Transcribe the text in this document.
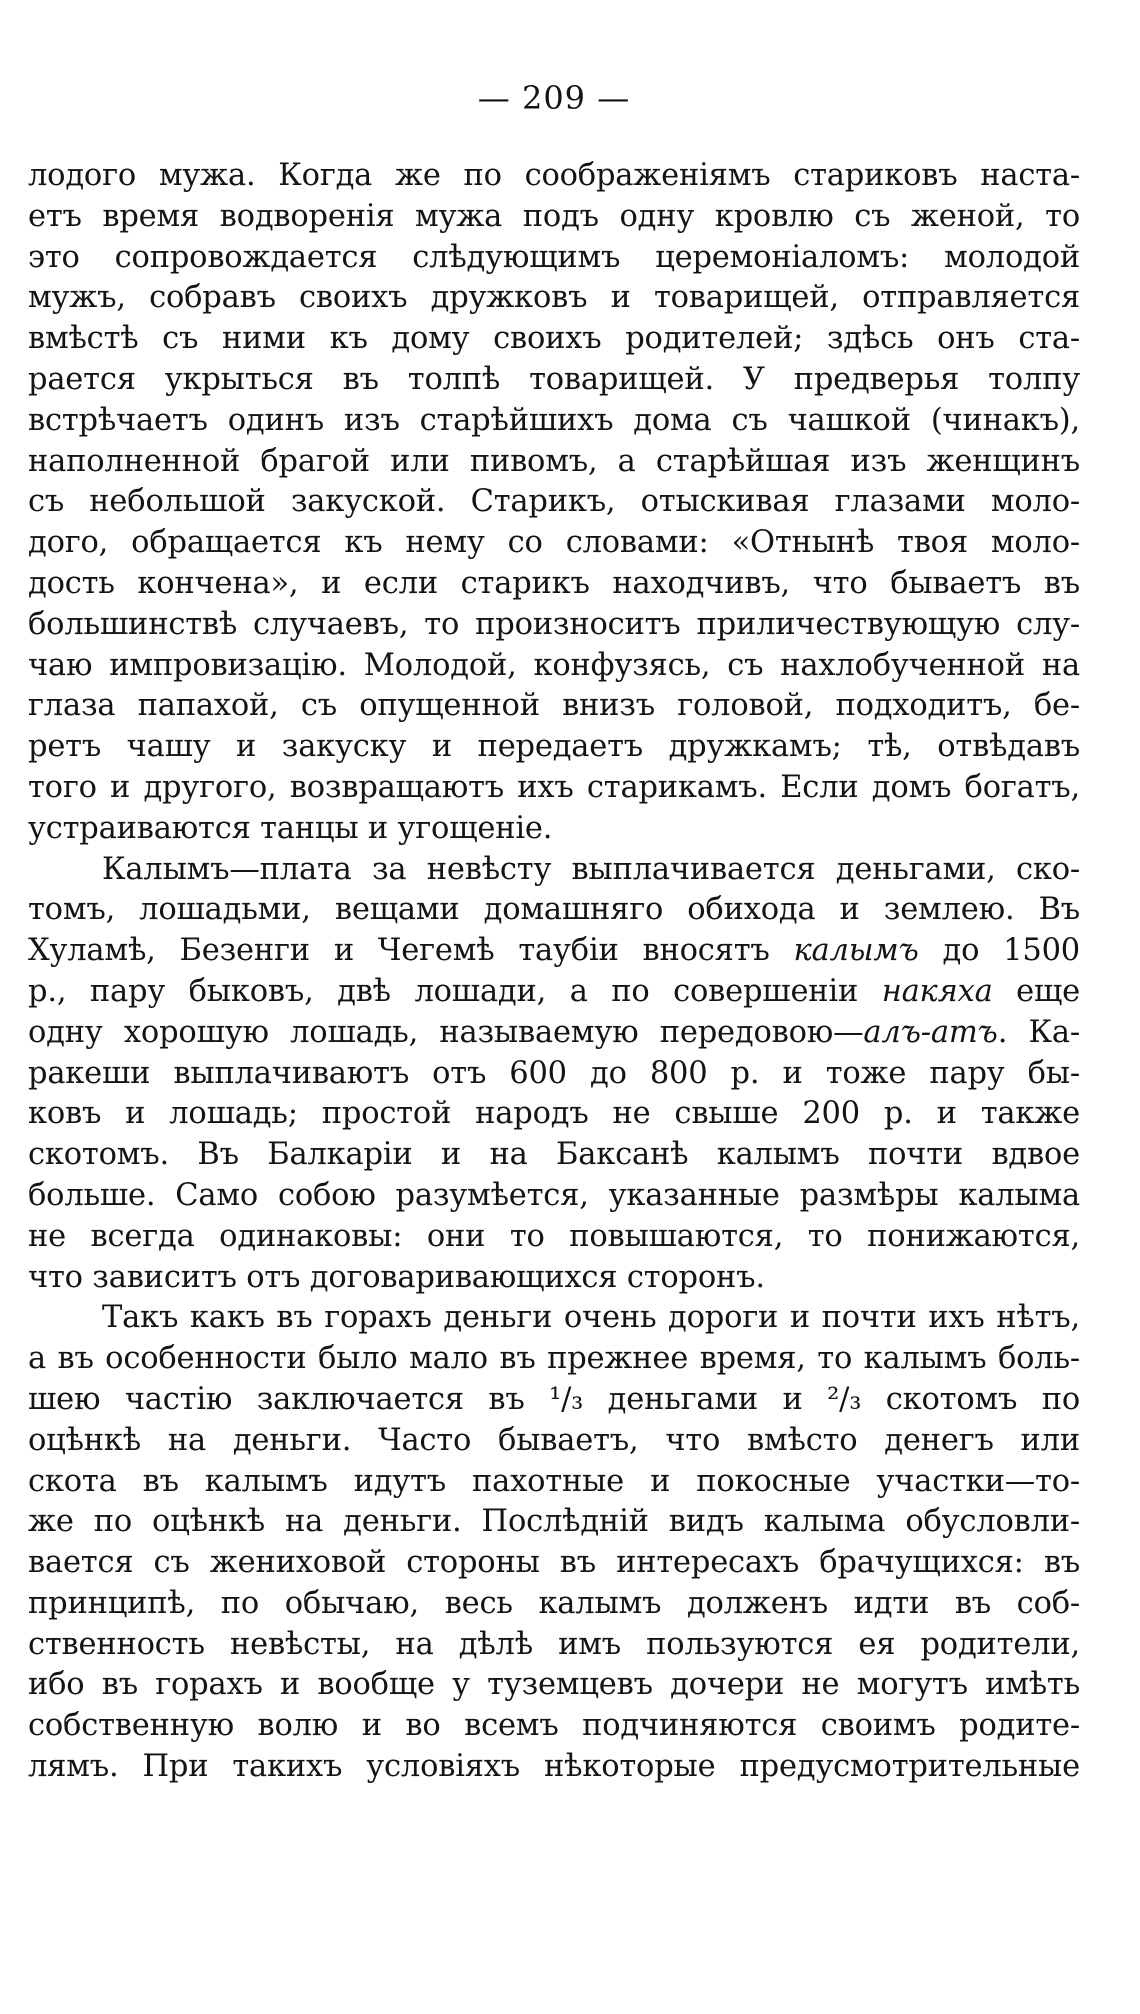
— 209 —
лодого мужа. Когда же по соображеніямъ стариковъ наста-
етъ время водворенія мужа подъ одну кровлю съ женой, то
это сопровождается слѣдующимъ церемоніаломъ: молодой
мужъ, собравъ своихъ дружковъ и товарищей, отправляется
вмѣстѣ съ ними къ дому своихъ родителей; здѣсь онъ ста-
рается укрыться въ толпѣ товарищей. У предверья толпу
встрѣчаетъ одинъ изъ старѣйшихъ дома съ чашкой (чинакъ),
наполненной брагой или пивомъ, а старѣйшая изъ женщинъ
съ небольшой закуской. Старикъ, отыскивая глазами моло-
дого, обращается къ нему со словами: «Отнынѣ твоя моло-
дость кончена», и если старикъ находчивъ, что бываетъ въ
большинствѣ случаевъ, то произноситъ приличествующую слу-
чаю импровизацію. Молодой, конфузясь, съ нахлобученной на
глаза папахой, съ опущенной внизъ головой, подходитъ, бе-
ретъ чашу и закуску и передаетъ дружкамъ; тѣ, отвѣдавъ
того и другого, возвращаютъ ихъ старикамъ. Если домъ богатъ,
устраиваются танцы и угощеніе.
Калымъ—плата за невѣсту выплачивается деньгами, ско-
томъ, лошадьми, вещами домашняго обихода и землею. Въ
Хуламѣ, Безенги и Чегемѣ таубіи вносятъ калымъ до 1500
р., пару быковъ, двѣ лошади, а по совершеніи накяха еще
одну хорошую лошадь, называемую передовою—алъ-атъ. Ка-
ракеши выплачиваютъ отъ 600 до 800 р. и тоже пару бы-
ковъ и лошадь; простой народъ не свыше 200 р. и также
скотомъ. Въ Балкаріи и на Баксанѣ калымъ почти вдвое
больше. Само собою разумѣется, указанные размѣры калыма
не всегда одинаковы: они то повышаются, то понижаются,
что зависитъ отъ договаривающихся сторонъ.
Такъ какъ въ горахъ деньги очень дороги и почти ихъ нѣтъ,
а въ особенности было мало въ прежнее время, то калымъ боль-
шею частію заключается въ ¹/₃ деньгами и ²/₃ скотомъ по
оцѣнкѣ на деньги. Часто бываетъ, что вмѣсто денегъ или
скота въ калымъ идутъ пахотные и покосные участки—то-
же по оцѣнкѣ на деньги. Послѣдній видъ калыма обусловли-
вается съ жениховой стороны въ интересахъ брачущихся: въ
принципѣ, по обычаю, весь калымъ долженъ идти въ соб-
ственность невѣсты, на дѣлѣ имъ пользуются ея родители,
ибо въ горахъ и вообще у туземцевъ дочери не могутъ имѣть
собственную волю и во всемъ подчиняются своимъ родите-
лямъ. При такихъ условіяхъ нѣкоторые предусмотрительные
